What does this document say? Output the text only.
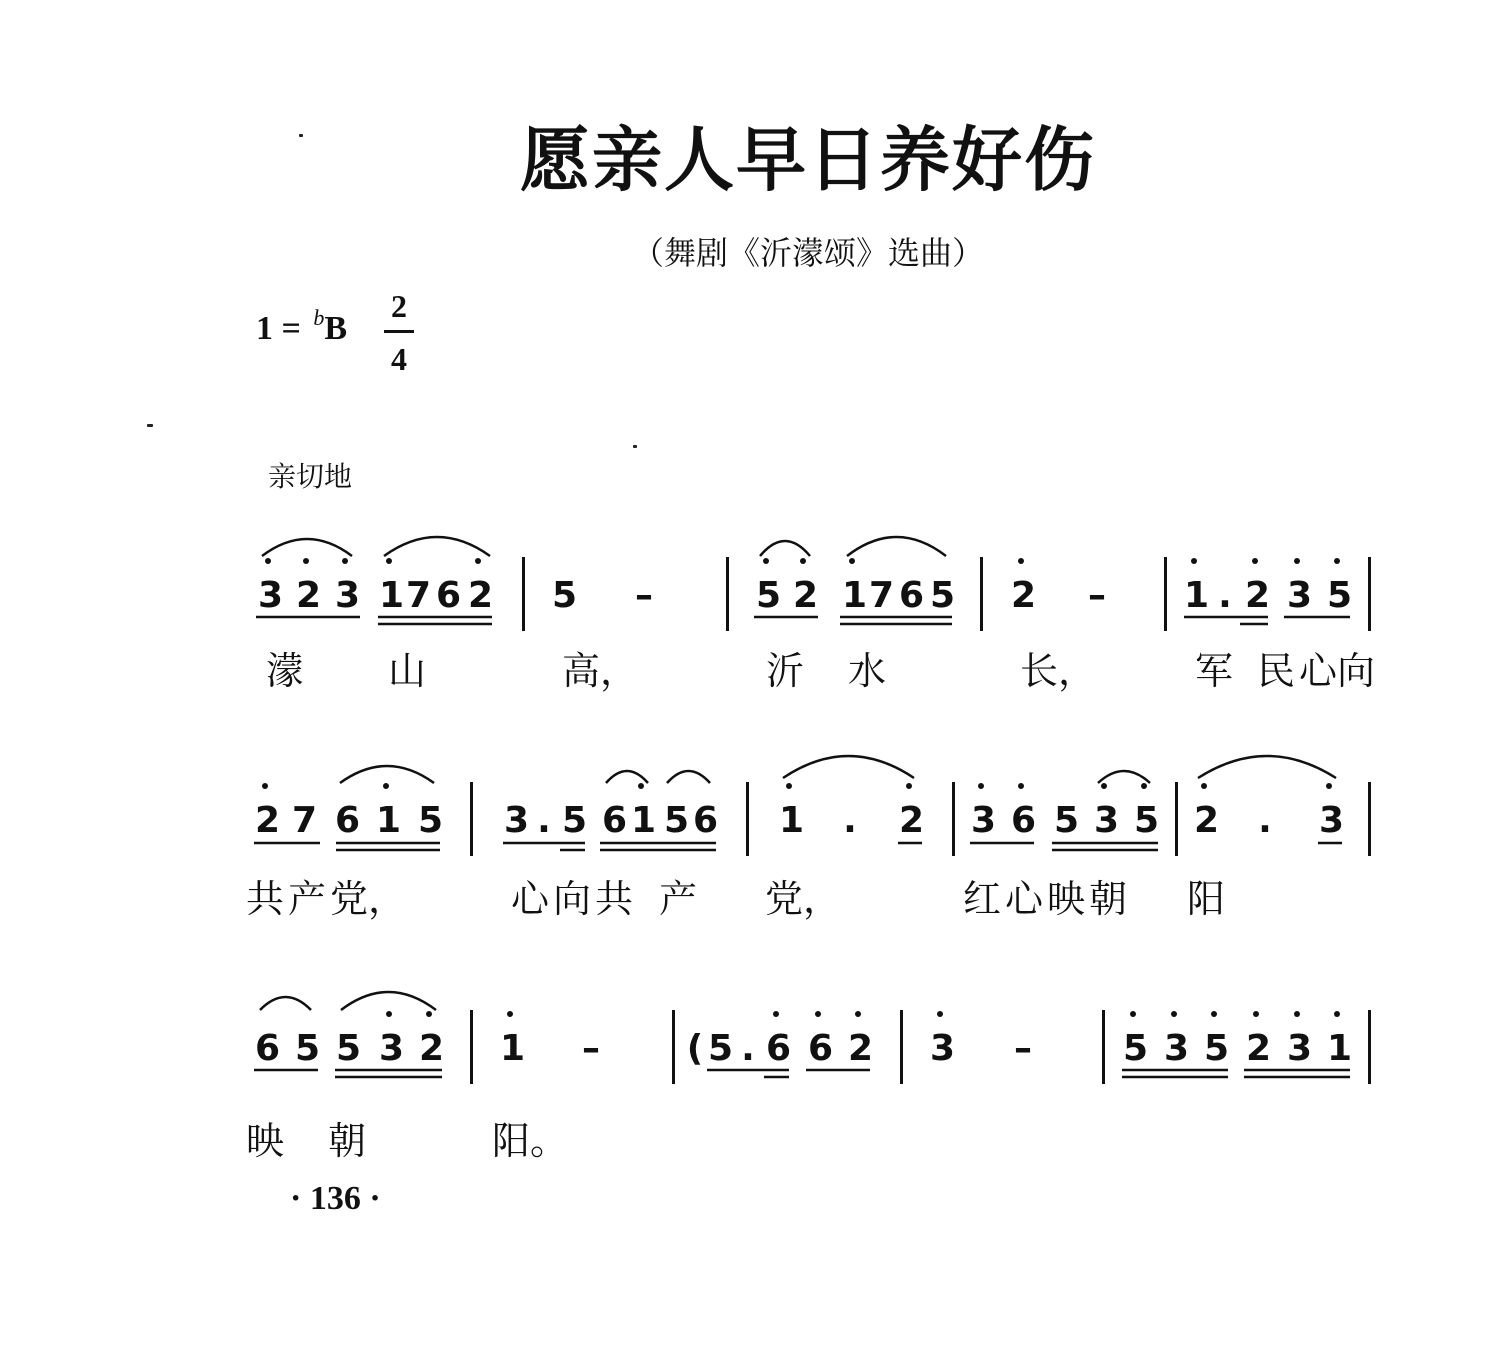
愿亲人早日养好伤
（舞剧《沂濛颂》选曲）
1 = $^b$B
2
4
亲切地
3 2 3 1 7 6 2 5 –	5 2 1 7 6 5 2 – 1 . 2 3 5
濛 山	高，	沂 水	长，	军 民 心 向
2 7 6 1 5 3 . 5 6 1 5 6 1 . 2 3 6 5 3 5 2 . 3
共 产 党，	心 向 共 产 党，	红 心 映 朝 阳
6 5 5 3 2 1 – ( 5 . 6 6 2 3 –	5 3 5 2 3 1
映 朝	阳。
· 136 ·
